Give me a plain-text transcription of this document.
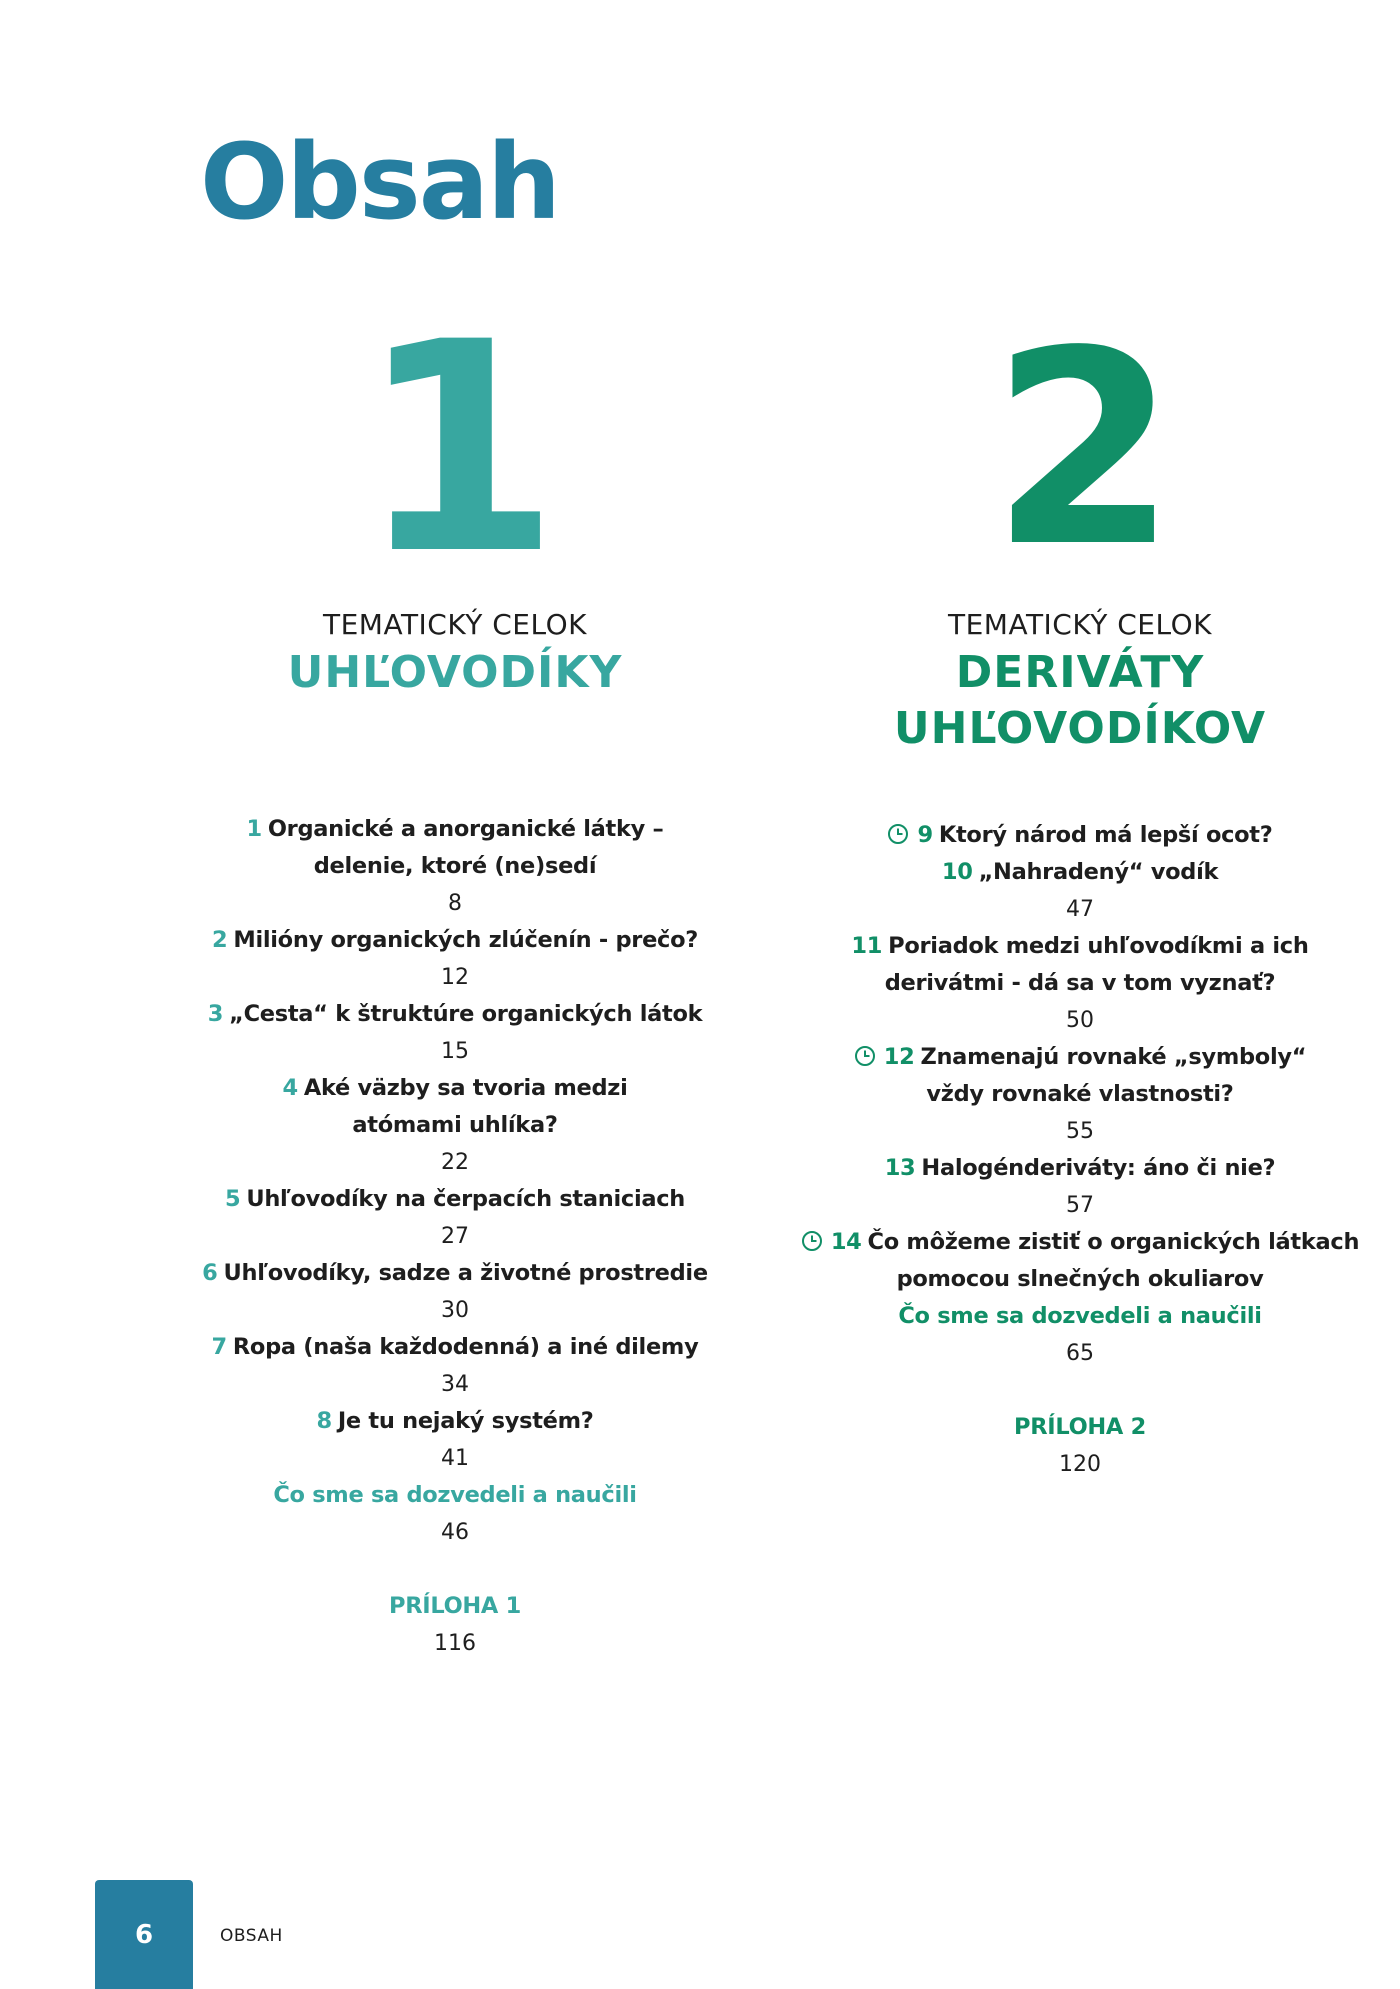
Obsah
1
TEMATICKÝ CELOK
UHĽOVODÍKY
1 Organické a anorganické látky – delenie, ktoré (ne)sedí
8
2 Milióny organických zlúčenín - prečo?
12
3 „Cesta“ k štruktúre organických látok
15
4 Aké väzby sa tvoria medzi atómami uhlíka?
22
5 Uhľovodíky na čerpacích staniciach
27
6 Uhľovodíky, sadze a životné prostredie
30
7 Ropa (naša každodenná) a iné dilemy
34
8 Je tu nejaký systém?
41
Čo sme sa dozvedeli a naučili
46
PRÍLOHA 1
116
2
TEMATICKÝ CELOK
DERIVÁTY
UHĽOVODÍKOV
9 Ktorý národ má lepší ocot?
10 „Nahradený“ vodík
47
11 Poriadok medzi uhľovodíkmi a ich derivátmi - dá sa v tom vyznať?
50
12 Znamenajú rovnaké „symboly“ vždy rovnaké vlastnosti?
55
13 Halogénderiváty: áno či nie?
57
14 Čo môžeme zistiť o organických látkach pomocou slnečných okuliarov
Čo sme sa dozvedeli a naučili
65
PRÍLOHA 2
120
6	OBSAH
